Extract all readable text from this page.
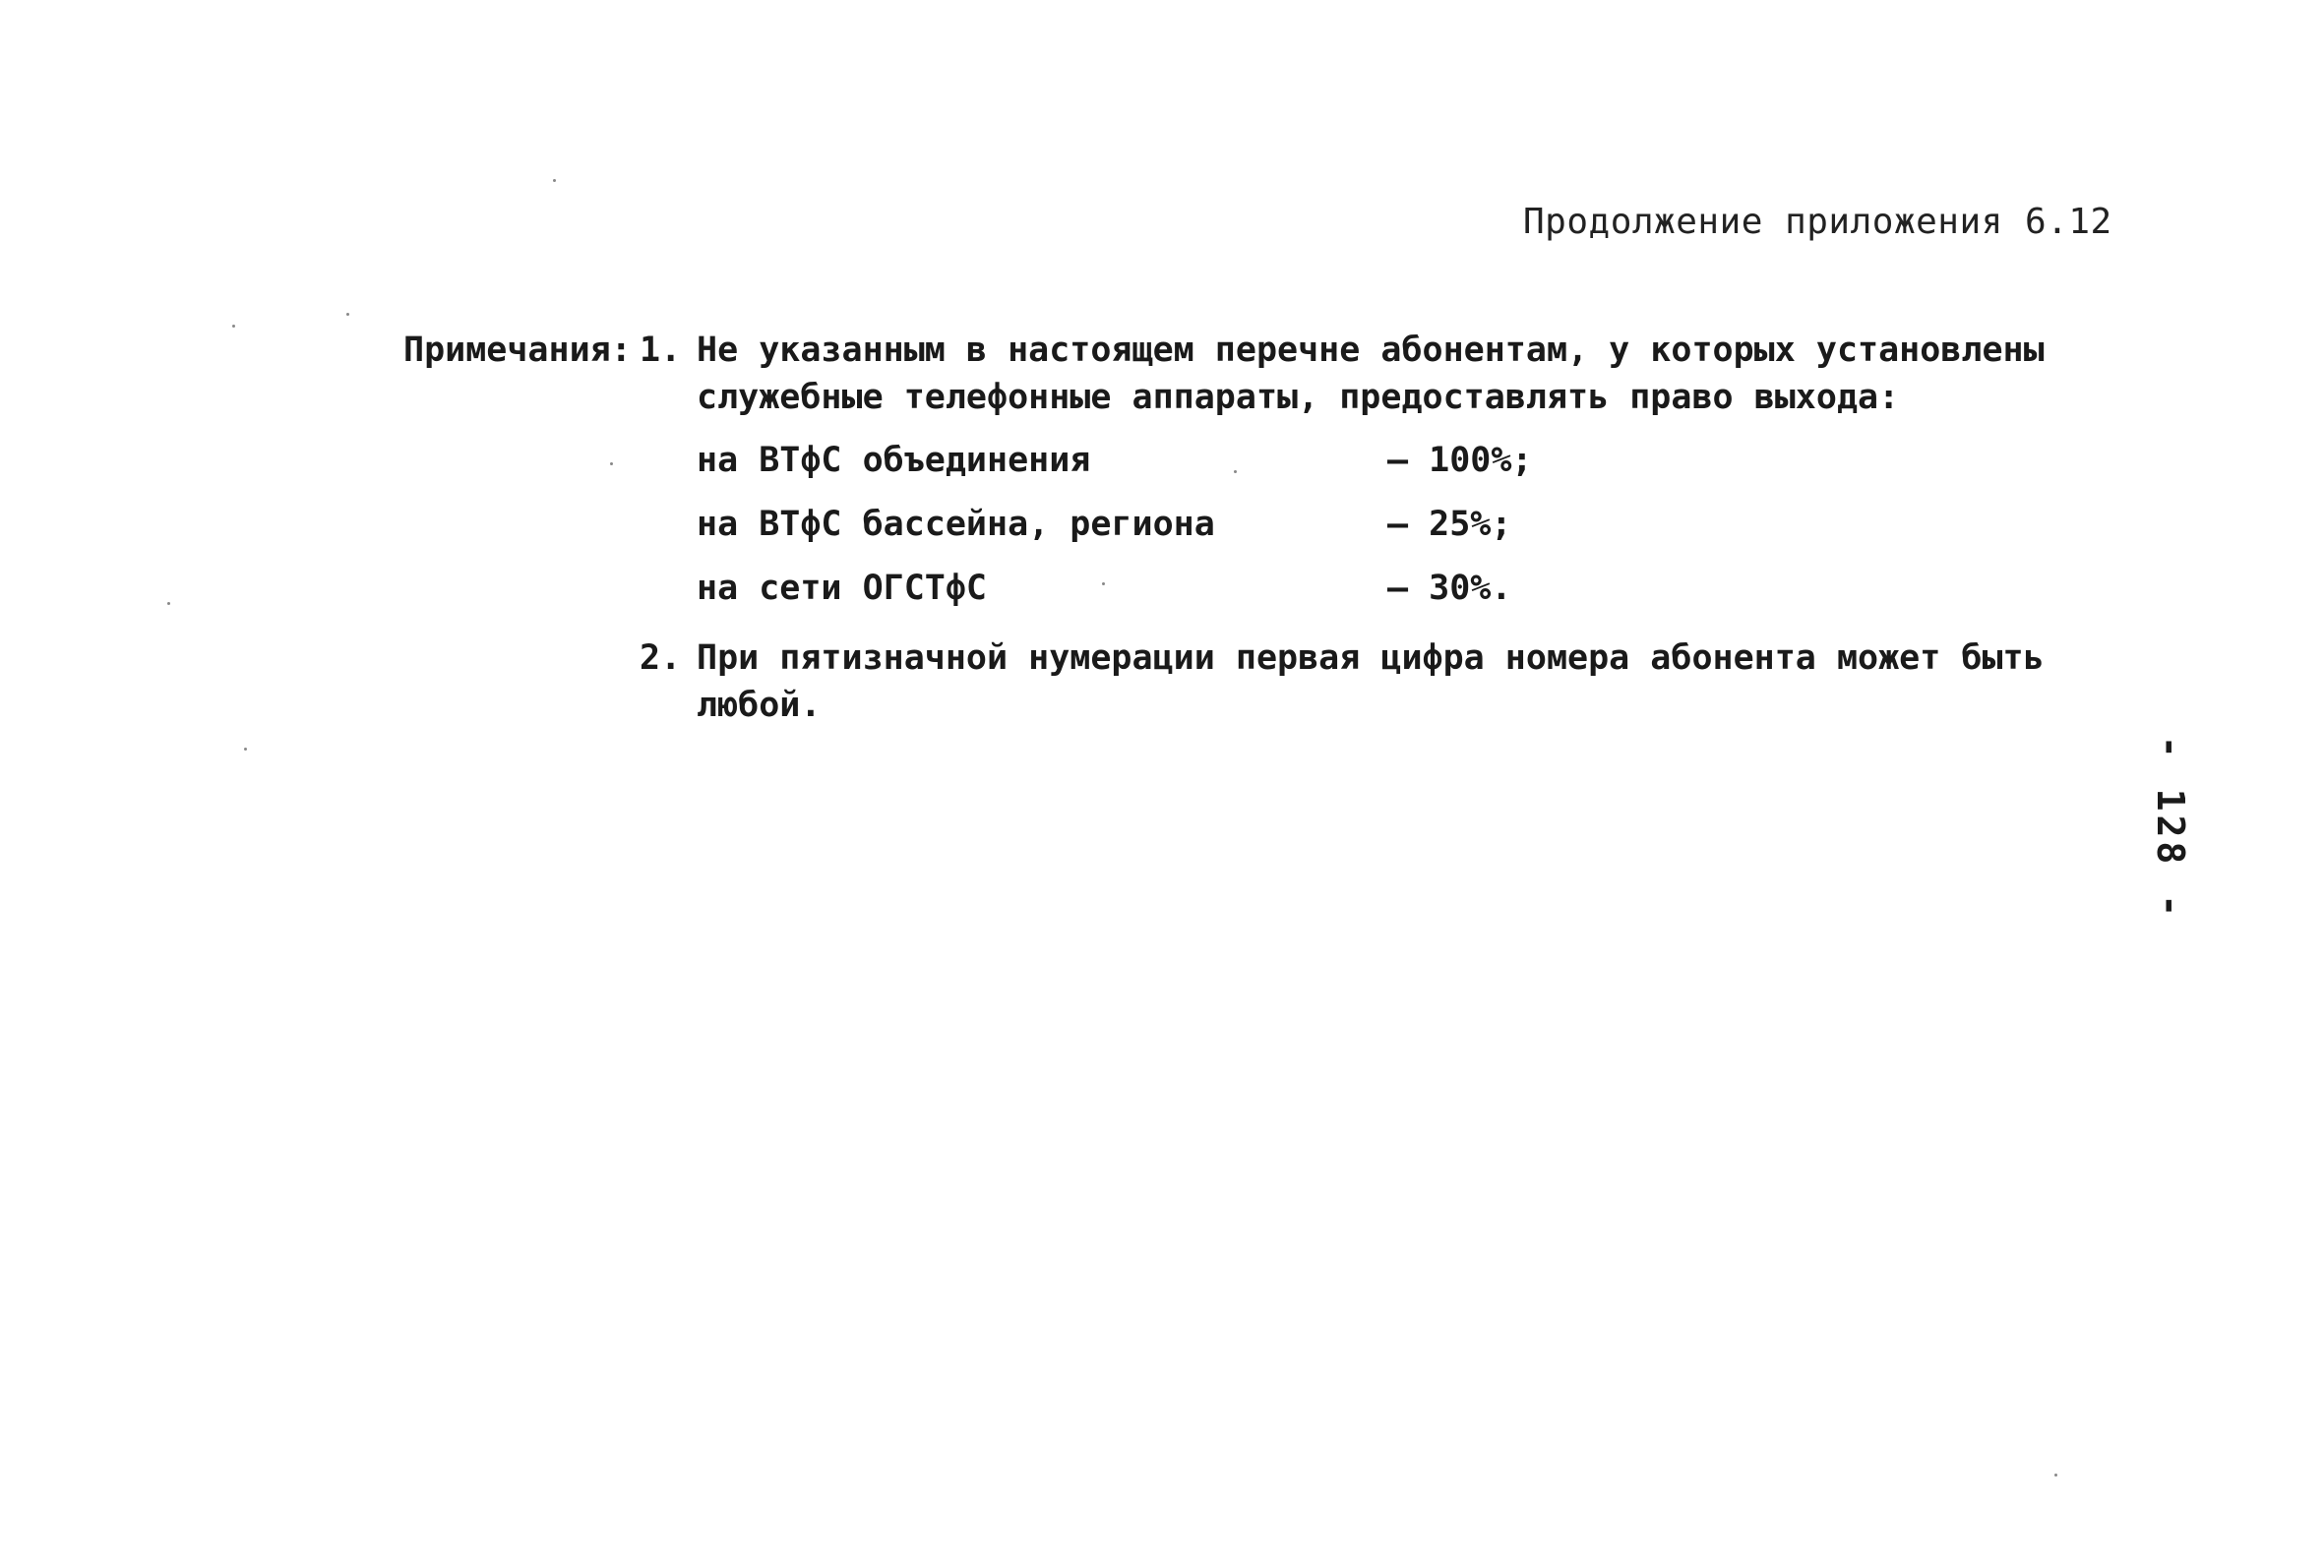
Продолжение приложения 6.12
Примечания: 1. Не указанным в настоящем перечне абонентам, у которых установлены
служебные телефонные аппараты, предоставлять право выхода:
на ВТфС объединения	– 100%;
на ВТфС бассейна, региона	– 25%;
на сети ОГСТфС	– 30%.
2. При пятизначной нумерации первая цифра номера абонента может быть
любой.
- 128 -
